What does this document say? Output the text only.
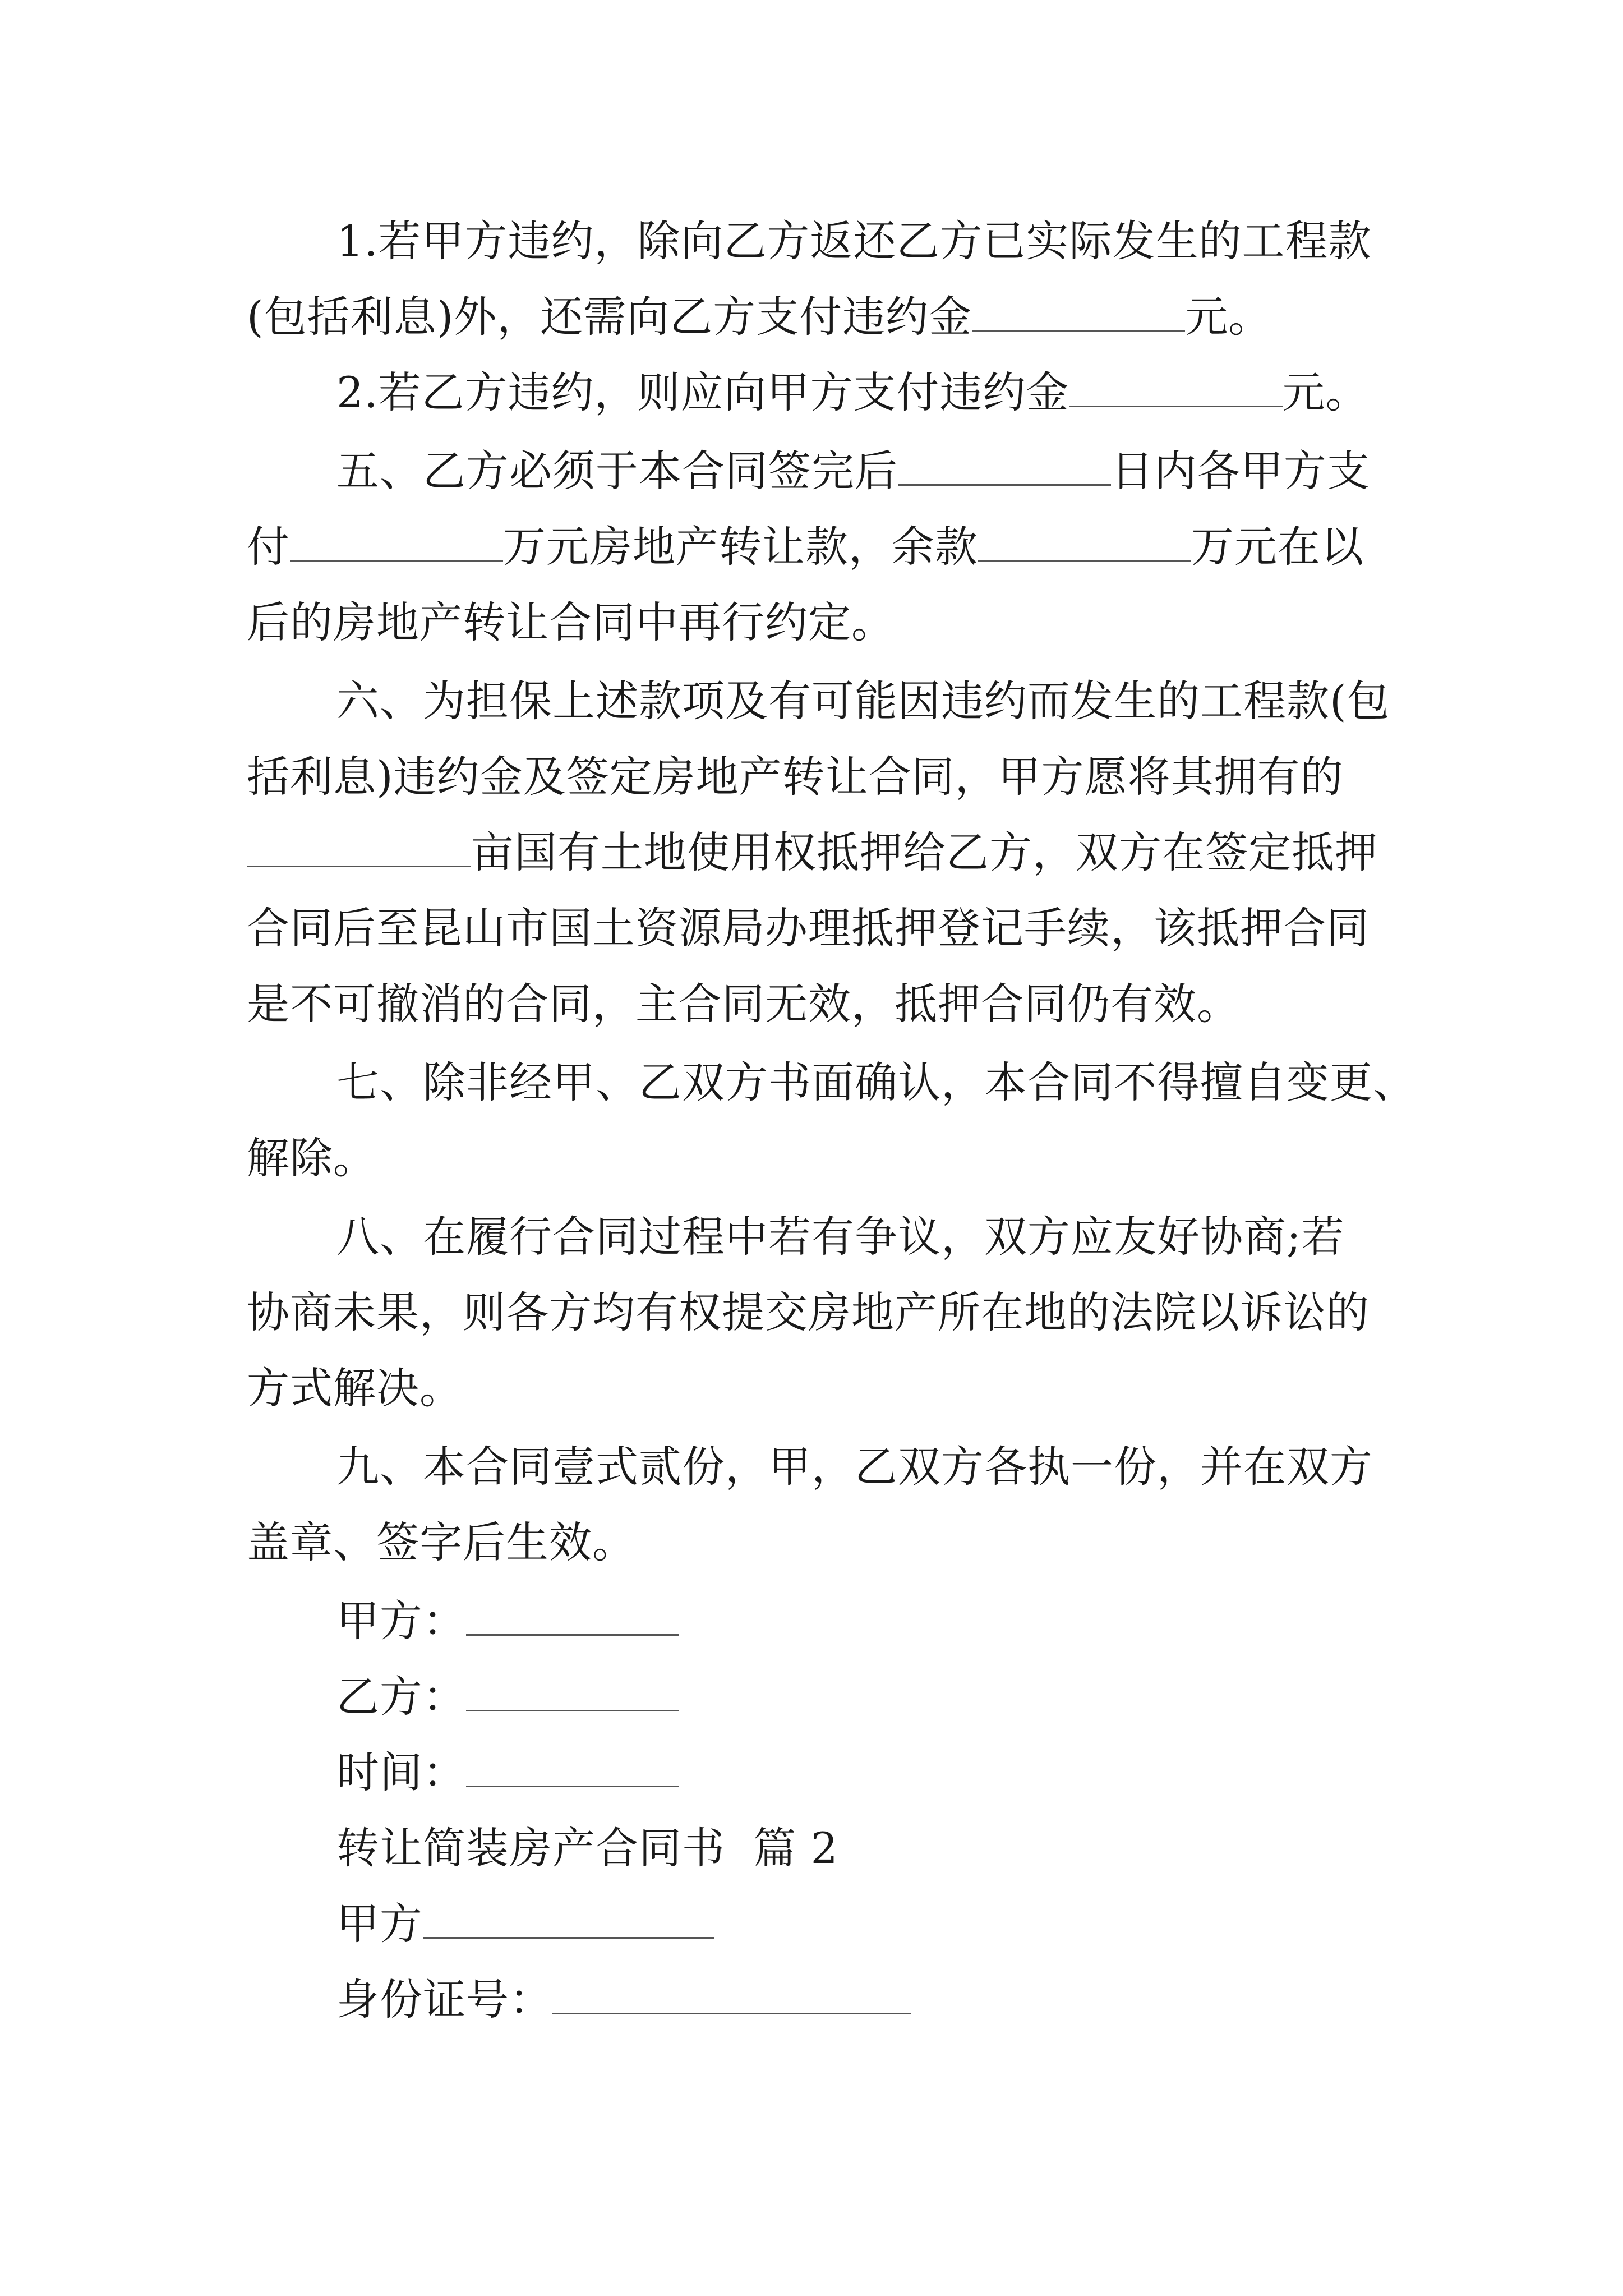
1.若甲方违约，除向乙方返还乙方已实际发生的工程款
(包括利息)外，还需向乙方支付违约金	元。
2.若乙方违约，则应向甲方支付违约金	元。
五、乙方必须于本合同签完后	日内各甲方支
付	万元房地产转让款，余款	万元在以
后的房地产转让合同中再行约定。
六、为担保上述款项及有可能因违约而发生的工程款(包
括利息)违约金及签定房地产转让合同，甲方愿将其拥有的
亩国有土地使用权抵押给乙方，双方在签定抵押
合同后至昆山市国土资源局办理抵押登记手续，该抵押合同
是不可撤消的合同，主合同无效，抵押合同仍有效。
七、除非经甲、乙双方书面确认，本合同不得擅自变更、
解除。
八、在履行合同过程中若有争议，双方应友好协商;若
协商未果，则各方均有权提交房地产所在地的法院以诉讼的
方式解决。
九、本合同壹式贰份，甲，乙双方各执一份，并在双方
盖章、签字后生效。
甲方：
乙方：
时间：
转让简装房产合同书  篇 2
甲方
身份证号：
